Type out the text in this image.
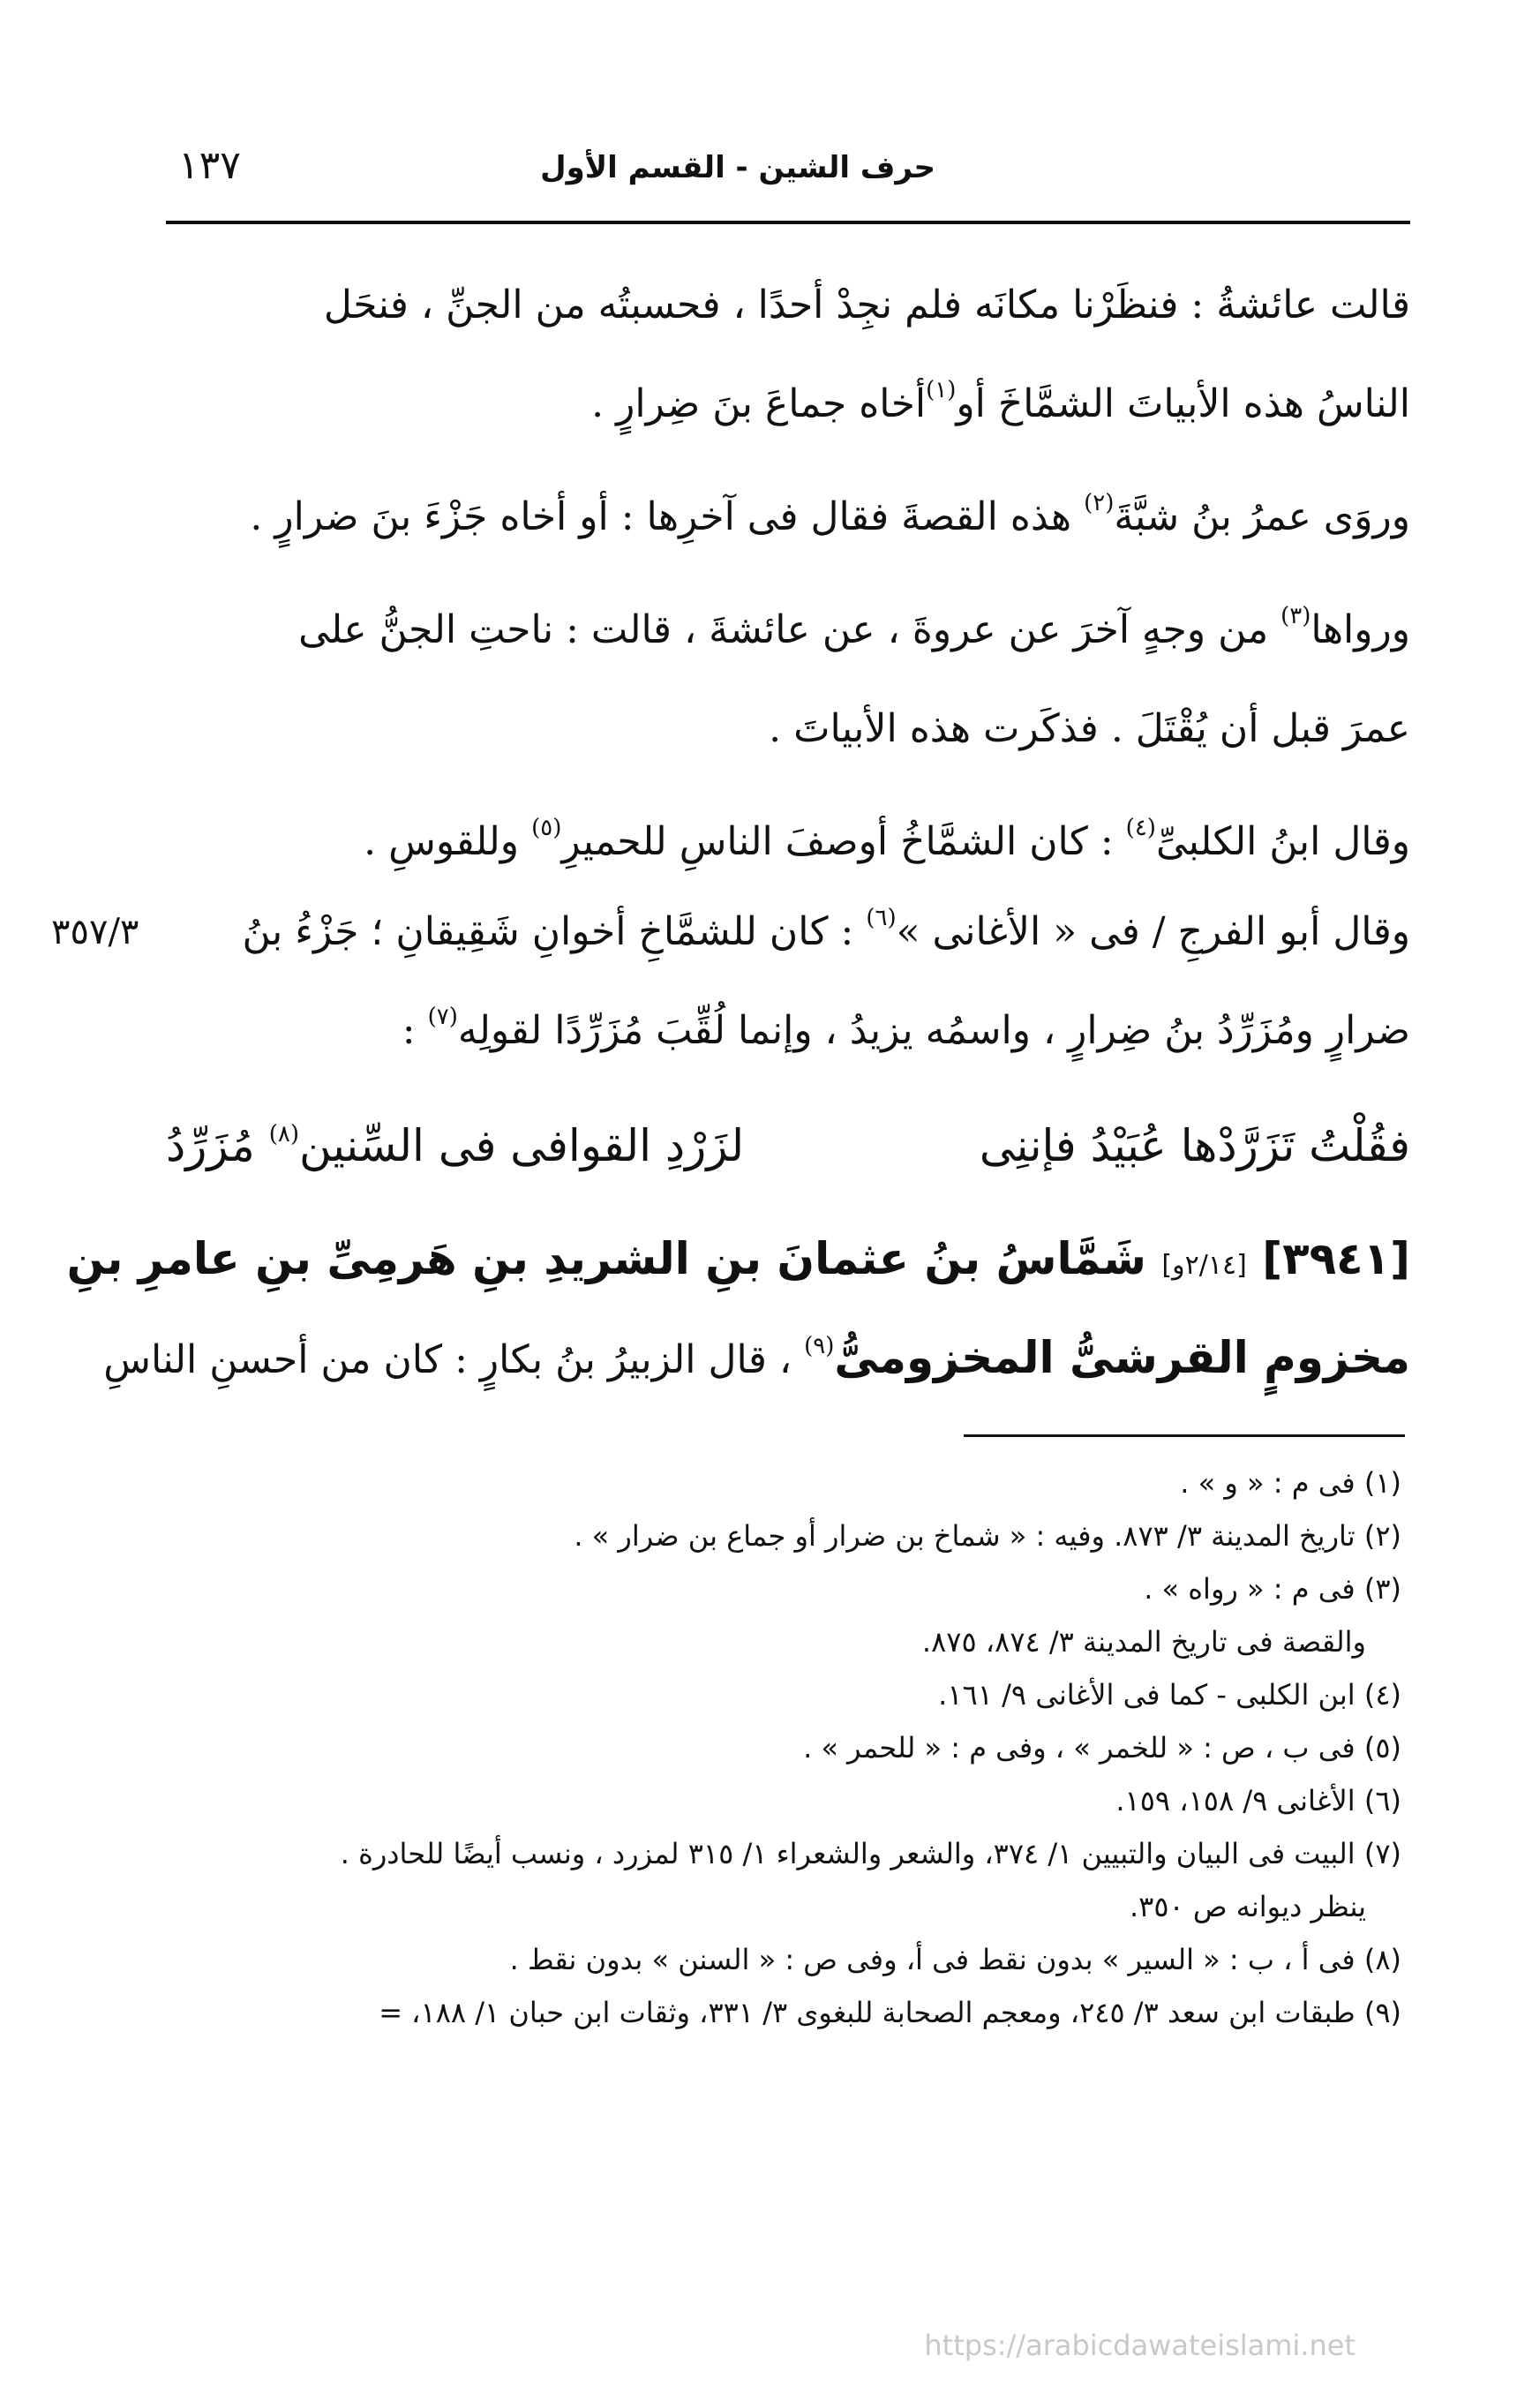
حرف الشين - القسم الأول
١٣٧
قالت عائشةُ : فنظَرْنا مكانَه فلم نجِدْ أحدًا ، فحسبتُه من الجنِّ ، فنحَل
الناسُ هذه الأبياتَ الشمَّاخَ أو$^{(١)}$أخاه جماعَ بنَ ضِرارٍ .
وروَى عمرُ بنُ شبَّةَ$^{(٢)}$ هذه القصةَ فقال فى آخرِها : أو أخاه جَزْءَ بنَ ضرارٍ .
ورواها$^{(٣)}$ من وجهٍ آخرَ عن عروةَ ، عن عائشةَ ، قالت : ناحتِ الجنُّ على
عمرَ قبل أن يُقْتَلَ . فذكَرت هذه الأبياتَ .
وقال ابنُ الكلبىِّ$^{(٤)}$ : كان الشمَّاخُ أوصفَ الناسِ للحميرِ$^{(٥)}$ وللقوسِ .
وقال أبو الفرجِ / فى « الأغانى »$^{(٦)}$ : كان للشمَّاخِ أخوانِ شَقِيقانِ ؛ جَزْءُ بنُ
٣٥٧/٣
ضرارٍ ومُزَرِّدُ بنُ ضِرارٍ ، واسمُه يزيدُ ، وإنما لُقِّبَ مُزَرِّدًا لقولِه$^{(٧)}$ :
فقُلْتُ تَزَرَّدْها عُبَيْدُ فإننِى
لزَرْدِ القوافى فى السِّنين$^{(٨)}$ مُزَرِّدُ
[٣٩٤١] [٢/١٤و] شَمَّاسُ بنُ عثمانَ بنِ الشريدِ بنِ هَرمِىِّ بنِ عامرِ بنِ
مخزومٍ القرشىُّ المخزومىُّ$^{(٩)}$ ، قال الزبيرُ بنُ بكارٍ : كان من أحسنِ الناسِ
(١) فى م : « و » .
(٢) تاريخ المدينة ٣/ ٨٧٣. وفيه : « شماخ بن ضرار أو جماع بن ضرار » .
(٣) فى م : « رواه » .
والقصة فى تاريخ المدينة ٣/ ٨٧٤، ٨٧٥.
(٤) ابن الكلبى - كما فى الأغانى ٩/ ١٦١.
(٥) فى ب ، ص : « للخمر » ، وفى م : « للحمر » .
(٦) الأغانى ٩/ ١٥٨، ١٥٩.
(٧) البيت فى البيان والتبيين ١/ ٣٧٤، والشعر والشعراء ١/ ٣١٥ لمزرد ، ونسب أيضًا للحادرة .
ينظر ديوانه ص ٣٥٠.
(٨) فى أ ، ب : « السير » بدون نقط فى أ، وفى ص : « السنن » بدون نقط .
(٩) طبقات ابن سعد ٣/ ٢٤٥، ومعجم الصحابة للبغوى ٣/ ٣٣١، وثقات ابن حبان ١/ ١٨٨، =
https://arabicdawateislami.net
